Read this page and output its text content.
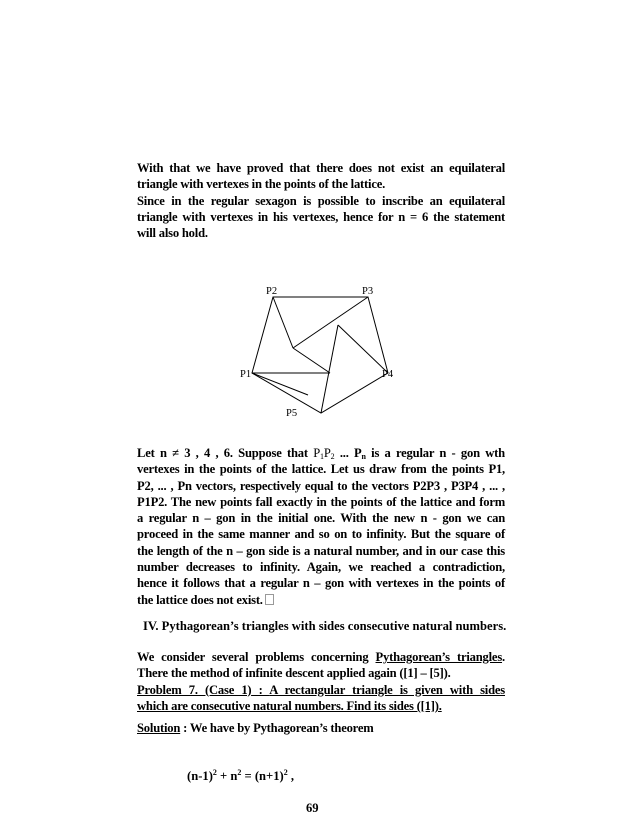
With that we have proved that there does not exist an equilateral
triangle with vertexes in the points of the lattice.
Since in the regular sexagon is possible to inscribe an equilateral
triangle with vertexes in his vertexes, hence for n = 6 the statement
will also hold.
P2	P3
P1	P4
P5
Let n ≠ 3 , 4 , 6. Suppose that $P_1P_2$ ... $P_n$ is a regular n - gon wth
vertexes in the points of the lattice. Let us draw from the points P1,
P2, ... , Pn vectors, respectively equal to the vectors P2P3 , P3P4 , ... ,
P1P2. The new points fall exactly in the points of the lattice and form
a regular n – gon in the initial one. With the new n - gon we can
proceed in the same manner and so on to infinity. But the square of
the length of the n – gon side is a natural number, and in our case this
number decreases to infinity. Again, we reached a contradiction,
hence it follows that a regular n – gon with vertexes in the points of
the lattice does not exist.
IV. Pythagorean’s triangles with sides consecutive natural numbers.
We consider several problems concerning Pythagorean’s triangles.
There the method of infinite descent applied again ([1] – [5]).
Problem 7. (Case 1) : A rectangular triangle is given with sides
which are consecutive natural numbers. Find its sides ([1]).
Solution : We have by Pythagorean’s theorem
$(n-1)^2 + n^2 = (n+1)^2$ ,
69
